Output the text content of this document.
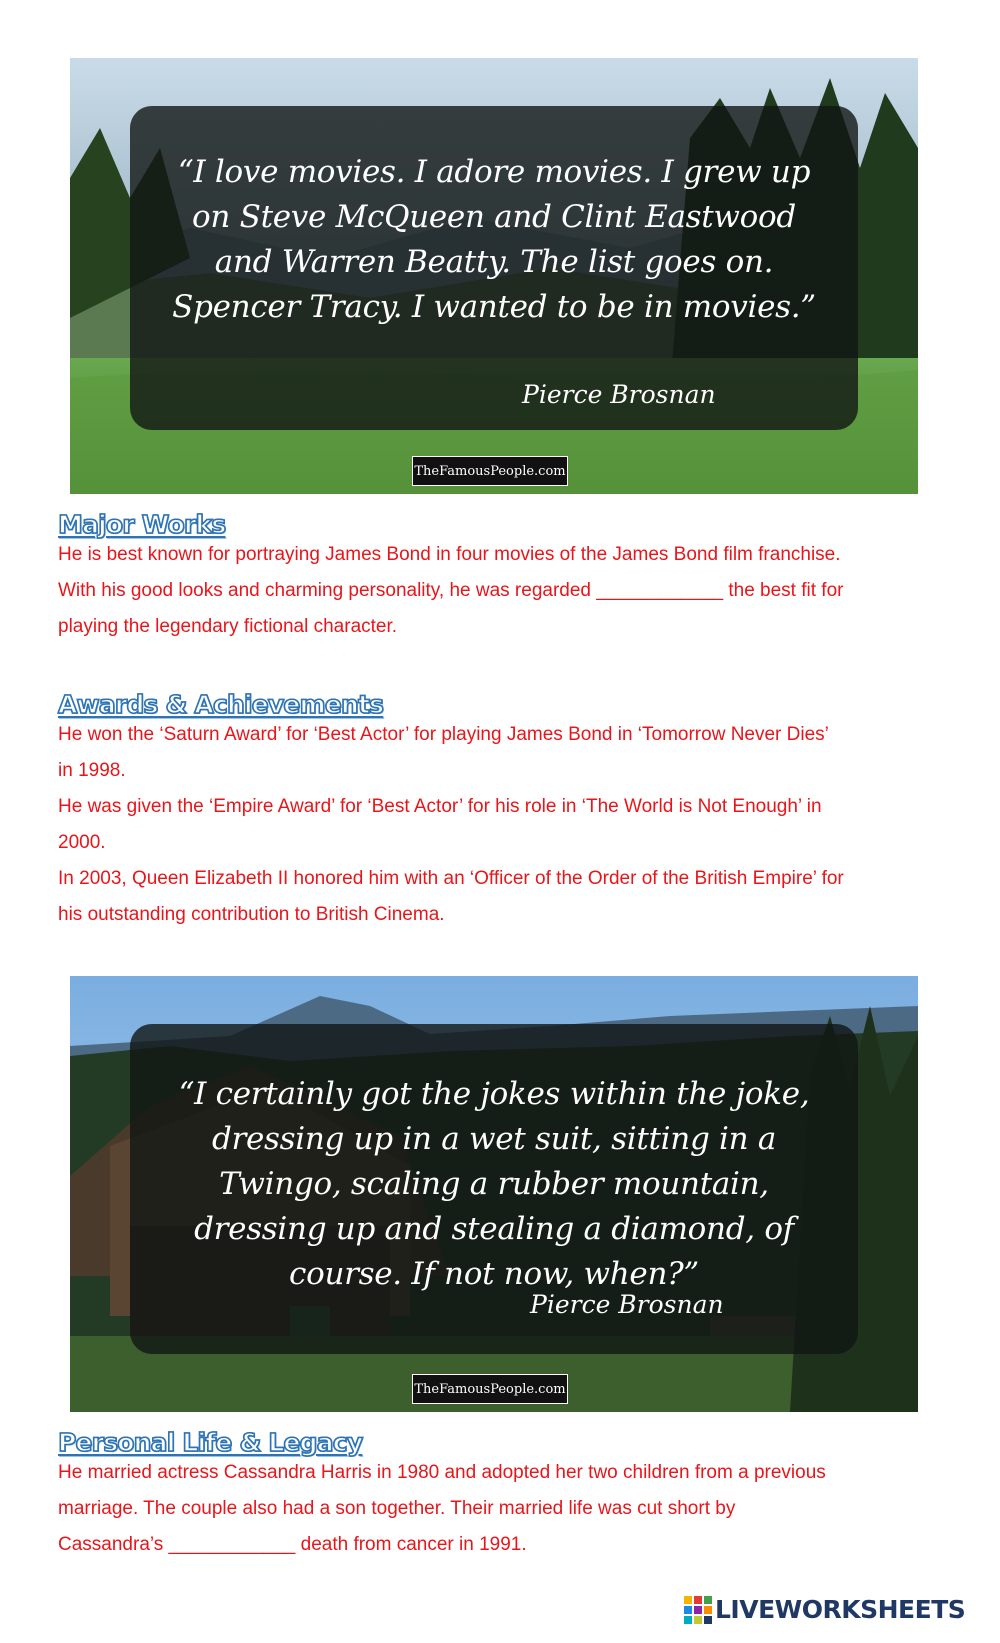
“I love movies. I adore movies. I grew up
on Steve McQueen and Clint Eastwood
and Warren Beatty. The list goes on.
Spencer Tracy. I wanted to be in movies.”
Pierce Brosnan
TheFamousPeople.com
Major Works
He is best known for portraying James Bond in four movies of the James Bond film franchise.
With his good looks and charming personality, he was regarded ____________ the best fit for
playing the legendary fictional character.
Awards & Achievements
He won the ‘Saturn Award’ for ‘Best Actor’ for playing James Bond in ‘Tomorrow Never Dies’
in 1998.
He was given the ‘Empire Award’ for ‘Best Actor’ for his role in ‘The World is Not Enough’ in
2000.
In 2003, Queen Elizabeth II honored him with an ‘Officer of the Order of the British Empire’ for
his outstanding contribution to British Cinema.
“I certainly got the jokes within the joke,
dressing up in a wet suit, sitting in a
Twingo, scaling a rubber mountain,
dressing up and stealing a diamond, of
course. If not now, when?”
Pierce Brosnan
TheFamousPeople.com
Personal Life & Legacy
He married actress Cassandra Harris in 1980 and adopted her two children from a previous
marriage. The couple also had a son together. Their married life was cut short by
Cassandra’s ____________ death from cancer in 1991.
LIVEWORKSHEETS
